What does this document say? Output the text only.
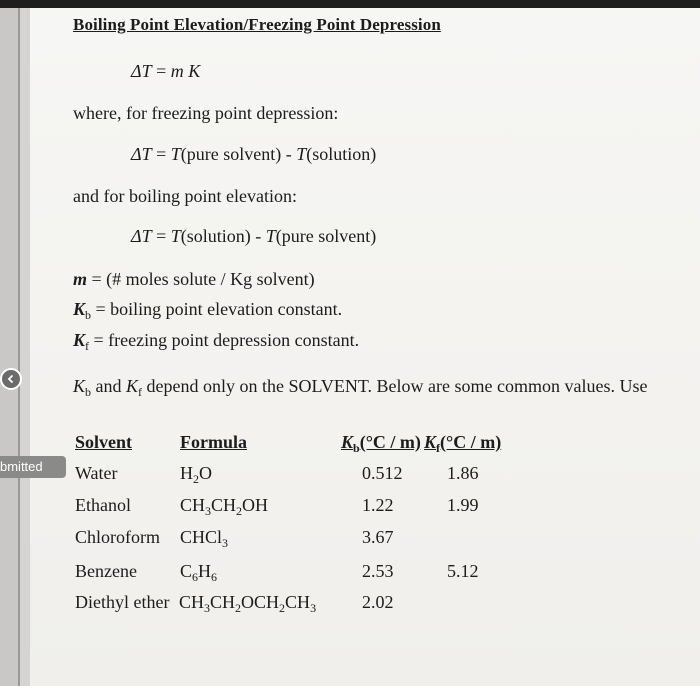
Boiling Point Elevation/Freezing Point Depression
ΔT = m K
where, for freezing point depression:
ΔT = T(pure solvent) - T(solution)
and for boiling point elevation:
ΔT = T(solution) - T(pure solvent)
m = (# moles solute / Kg solvent)
$K_b$ = boiling point elevation constant.
$K_f$ = freezing point depression constant.
$K_b$ and $K_f$ depend only on the SOLVENT. Below are some common values. Use
bmitted
Solvent	Formula	$K_b(^\circ C / m)$ $K_f(^\circ C / m)$
Water	$H_2O$	0.512 1.86
Ethanol	$CH_3CH_2OH$	1.22	1.99
Chloroform CHCl$_3$	3.67
Benzene $C_6H_6$	2.53	5.12
Diethyl ether $CH_3CH_2OCH_2CH_3$	2.02
